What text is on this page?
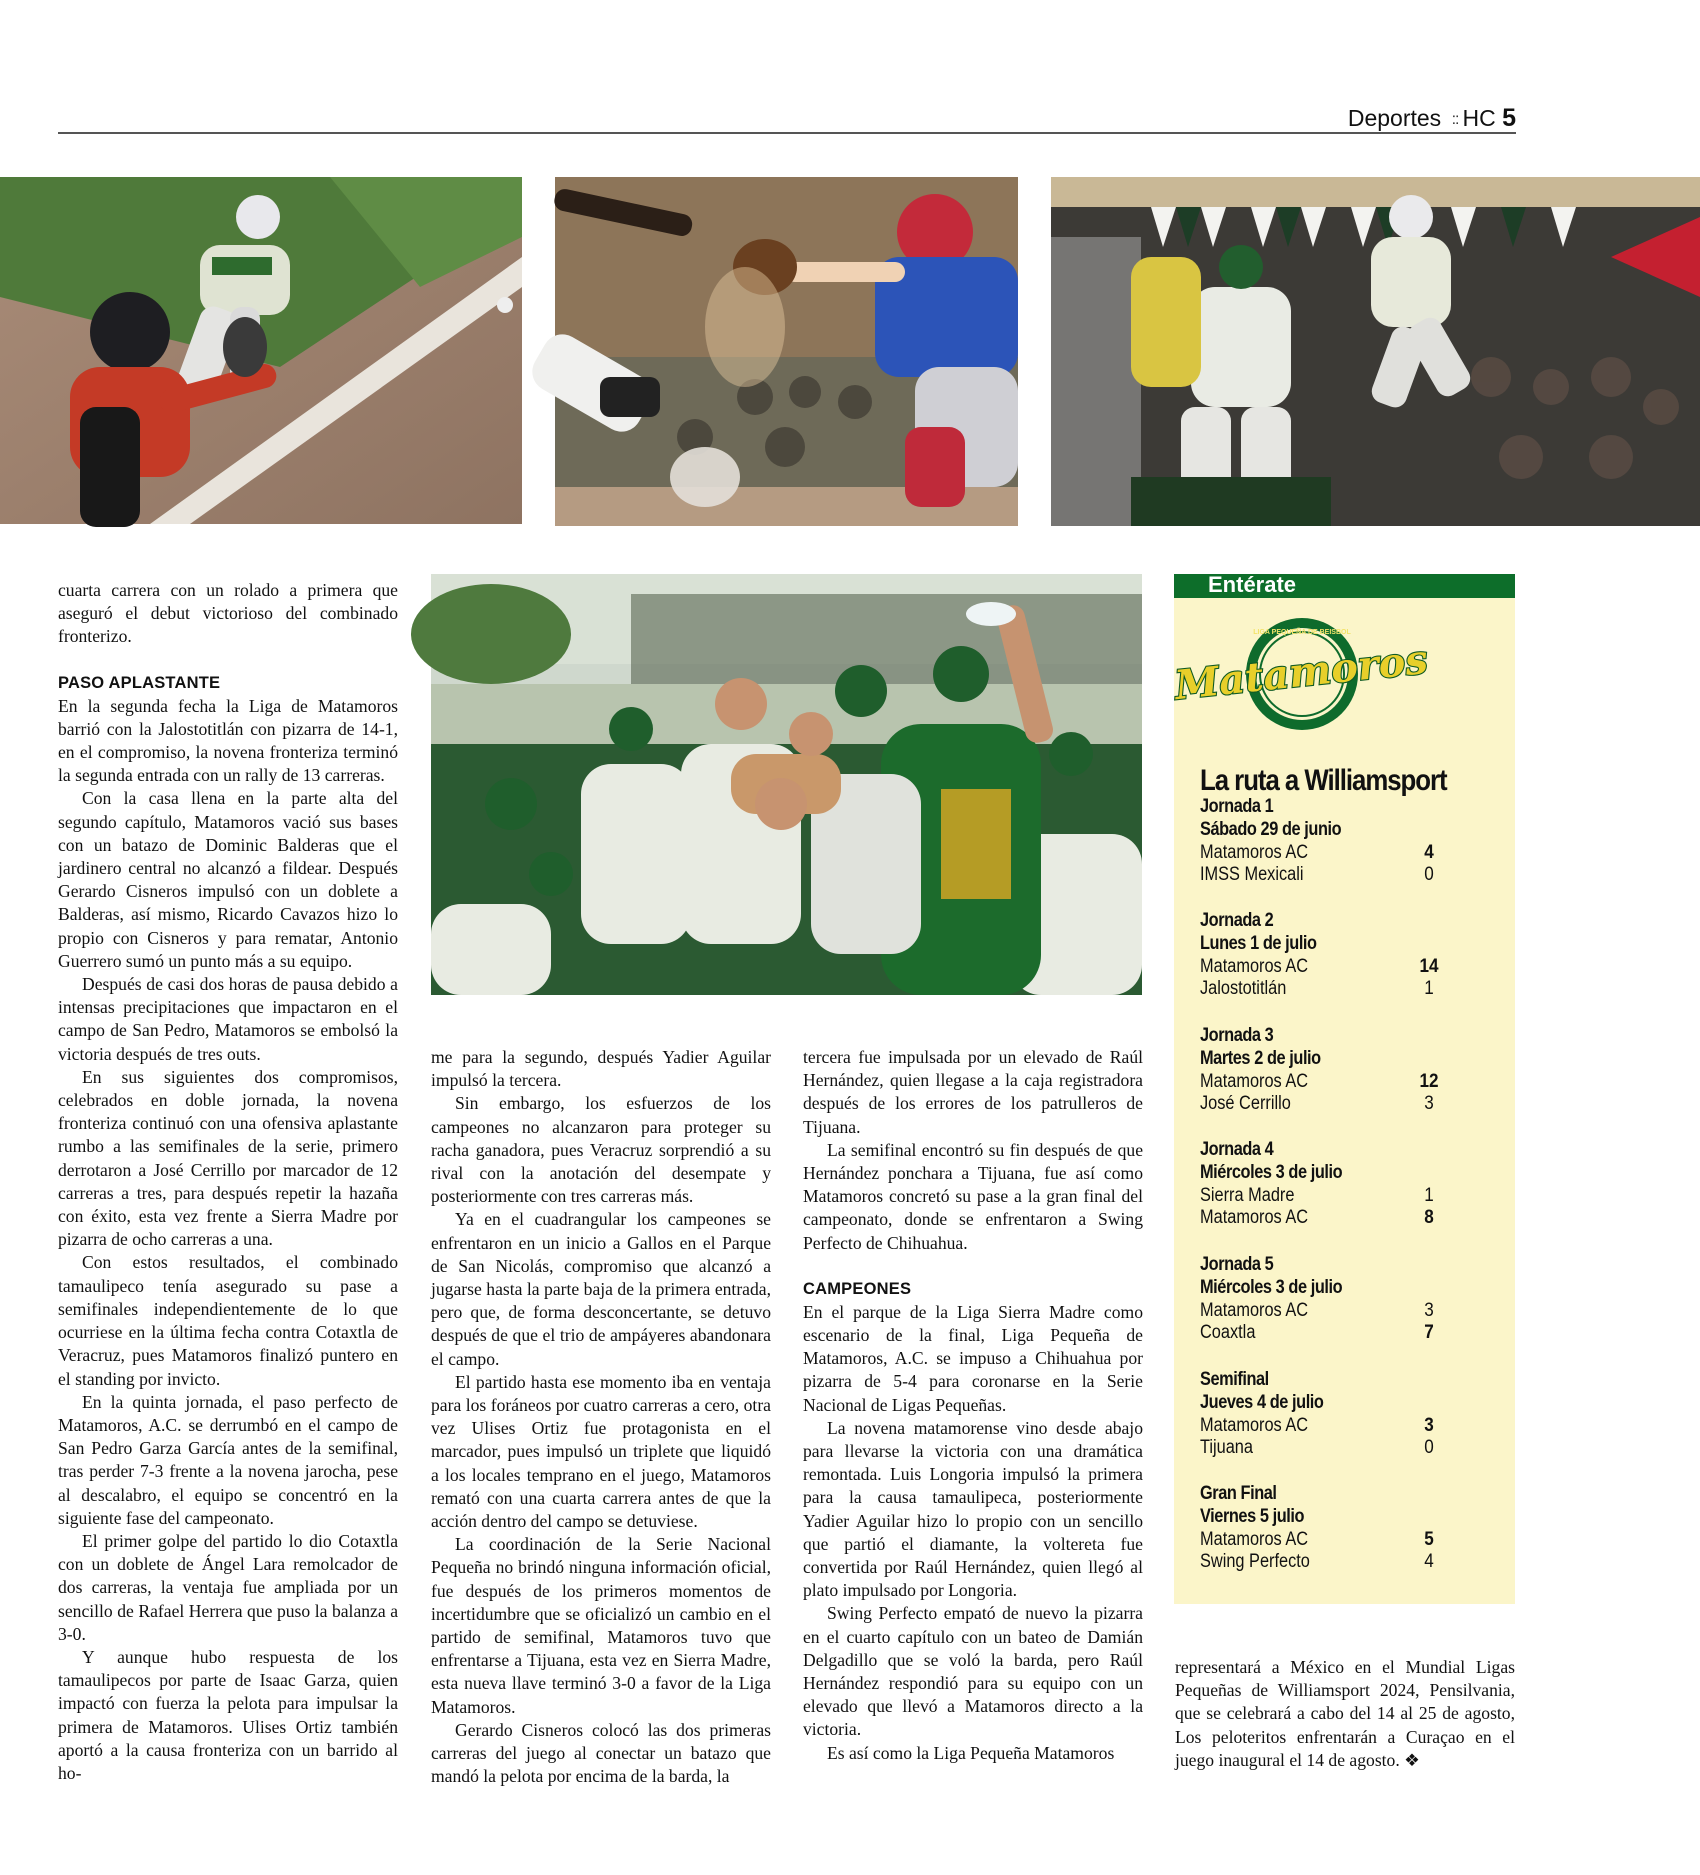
Deportes :: HC 5

cuarta carrera con un rolado a primera que aseguró el debut victorioso del combinado fronterizo.

PASO APLASTANTE

En la segunda fecha la Liga de Matamoros barrió con la Jalostotitlán con pizarra de 14-1, en el compromiso, la novena fronteriza terminó la segunda entrada con un rally de 13 carreras.

Con la casa llena en la parte alta del segundo capítulo, Matamoros vació sus bases con un batazo de Dominic Balderas que el jardinero central no alcanzó a fildear. Después Gerardo Cisneros impulsó con un doblete a Balderas, así mismo, Ricardo Cavazos hizo lo propio con Cisneros y para rematar, Antonio Guerrero sumó un punto más a su equipo.

Después de casi dos horas de pausa debido a intensas precipitaciones que impactaron en el campo de San Pedro, Matamoros se embolsó la victoria después de tres outs.

En sus siguientes dos compromisos, celebrados en doble jornada, la novena fronteriza continuó con una ofensiva aplastante rumbo a las semifinales de la serie, primero derrotaron a José Cerrillo por marcador de 12 carreras a tres, para después repetir la hazaña con éxito, esta vez frente a Sierra Madre por pizarra de ocho carreras a una.

Con estos resultados, el combinado tamaulipeco tenía asegurado su pase a semifinales independientemente de lo que ocurriese en la última fecha contra Cotaxtla de Veracruz, pues Matamoros finalizó puntero en el standing por invicto.

En la quinta jornada, el paso perfecto de Matamoros, A.C. se derrumbó en el campo de San Pedro Garza García antes de la semifinal, tras perder 7-3 frente a la novena jarocha, pese al descalabro, el equipo se concentró en la siguiente fase del campeonato.

El primer golpe del partido lo dio Cotaxtla con un doblete de Ángel Lara remolcador de dos carreras, la ventaja fue ampliada por un sencillo de Rafael Herrera que puso la balanza a 3-0.

Y aunque hubo respuesta de los tamaulipecos por parte de Isaac Garza, quien impactó con fuerza la pelota para impulsar la primera de Matamoros. Ulises Ortiz también aportó a la causa fronteriza con un barrido al ho-

me para la segundo, después Yadier Aguilar impulsó la tercera.

Sin embargo, los esfuerzos de los campeones no alcanzaron para proteger su racha ganadora, pues Veracruz sorprendió a su rival con la anotación del desempate y posteriormente con tres carreras más.

Ya en el cuadrangular los campeones se enfrentaron en un inicio a Gallos en el Parque de San Nicolás, compromiso que alcanzó a jugarse hasta la parte baja de la primera entrada, pero que, de forma desconcertante, se detuvo después de que el trio de ampáyeres abandonara el campo.

El partido hasta ese momento iba en ventaja para los foráneos por cuatro carreras a cero, otra vez Ulises Ortiz fue protagonista en el marcador, pues impulsó un triplete que liquidó a los locales temprano en el juego, Matamoros remató con una cuarta carrera antes de que la acción dentro del campo se detuviese.

La coordinación de la Serie Nacional Pequeña no brindó ninguna información oficial, fue después de los primeros momentos de incertidumbre que se oficializó un cambio en el partido de semifinal, Matamoros tuvo que enfrentarse a Tijuana, esta vez en Sierra Madre, esta nueva llave terminó 3-0 a favor de la Liga Matamoros.

Gerardo Cisneros colocó las dos primeras carreras del juego al conectar un batazo que mandó la pelota por encima de la barda, la

tercera fue impulsada por un elevado de Raúl Hernández, quien llegase a la caja registradora después de los errores de los patrulleros de Tijuana.

La semifinal encontró su fin después de que Hernández ponchara a Tijuana, fue así como Matamoros concretó su pase a la gran final del campeonato, donde se enfrentaron a Swing Perfecto de Chihuahua.

CAMPEONES

En el parque de la Liga Sierra Madre como escenario de la final, Liga Pequeña de Matamoros, A.C. se impuso a Chihuahua por pizarra de 5-4 para coronarse en la Serie Nacional de Ligas Pequeñas.

La novena matamorense vino desde abajo para llevarse la victoria con una dramática remontada. Luis Longoria impulsó la primera para la causa tamaulipeca, posteriormente Yadier Aguilar hizo lo propio con un sencillo que partió el diamante, la voltereta fue convertida por Raúl Hernández, quien llegó al plato impulsado por Longoria.

Swing Perfecto empató de nuevo la pizarra en el cuarto capítulo con un bateo de Damián Delgadillo que se voló la barda, pero Raúl Hernández respondió para su equipo con un elevado que llevó a Matamoros directo a la victoria.

Es así como la Liga Pequeña Matamoros

representará a México en el Mundial Ligas Pequeñas de Williamsport 2024, Pensilvania, que se celebrará a cabo del 14 al 25 de agosto, Los peloteritos enfrentarán a Curaçao en el juego inaugural el 14 de agosto. ❖

Entérate
LIGA PEQUEÑA DE BEISBOL
Matamoros
La ruta a Williamsport
Jornada 1
Sábado 29 de junio
Matamoros AC	4
IMSS Mexicali	0
Jornada 2
Lunes 1 de julio
Matamoros AC	14
Jalostotitlán	1
Jornada 3
Martes 2 de julio
Matamoros AC	12
José Cerrillo	3
Jornada 4
Miércoles 3 de julio
Sierra Madre	1
Matamoros AC	8
Jornada 5
Miércoles 3 de julio
Matamoros AC	3
Coaxtla	7
Semifinal
Jueves 4 de julio
Matamoros AC	3
Tijuana	0
Gran Final
Viernes 5 julio
Matamoros AC	5
Swing Perfecto	4
